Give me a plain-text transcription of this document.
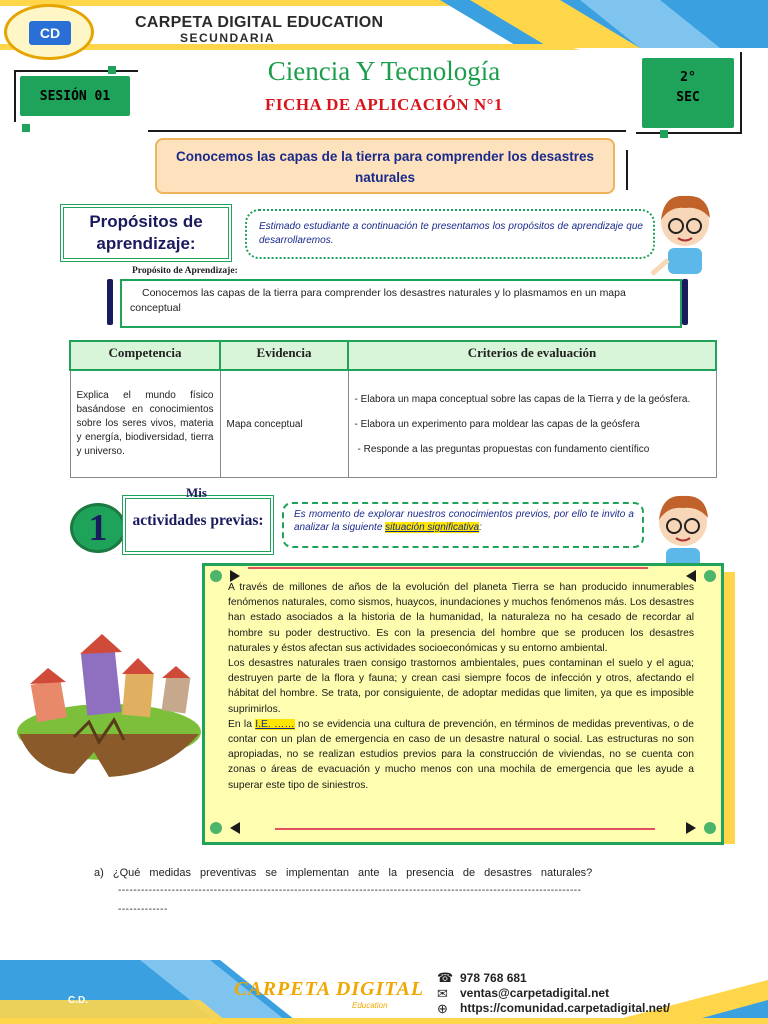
CD
CARPETA DIGITAL EDUCATION
SECUNDARIA
SESIÓN 01
2°
SEC
Ciencia Y Tecnología
FICHA DE APLICACIÓN N°1
Conocemos las capas de la tierra para comprender los desastres naturales
Propósitos de aprendizaje:
Estimado estudiante a continuación te presentamos los propósitos de aprendizaje que desarrollaremos.
Propósito de Aprendizaje:
Conocemos las capas de la tierra para comprender los desastres naturales y lo plasmamos en un mapa conceptual
Competencia	Evidencia	Criterios de evaluación
Explica el mundo físico basándose en conocimientos sobre los seres vivos, materia y energía, biodiversidad, tierra y universo.	Mapa conceptual	- Elabora un mapa conceptual sobre las capas de la Tierra y de la geósfera.
- Elabora un experimento para moldear las capas de la geósfera
- Responde a las preguntas propuestas con fundamento científico
1	actividades previas:
Mis
Es momento de explorar nuestros conocimientos previos, por ello te invito a analizar la siguiente situación significativa:

A través de millones de años de la evolución del planeta Tierra se han producido innumerables fenómenos naturales, como sismos, huaycos, inundaciones y muchos fenómenos más. Los desastres han estado asociados a la historia de la humanidad, la naturaleza no ha cesado de recordar al hombre su poder destructivo. Es con la presencia del hombre que se producen los desastres naturales y éstos afectan sus actividades socioeconómicas y su entorno ambiental.

Los desastres naturales traen consigo trastornos ambientales, pues contaminan el suelo y el agua; destruyen parte de la flora y fauna; y crean casi siempre focos de infección y otros, afectando el hábitat del hombre. Se trata, por consiguiente, de adoptar medidas que limiten, ya que es imposible suprimirlos.

En la I.E. …… no se evidencia una cultura de prevención, en términos de medidas preventivas, o de contar con un plan de emergencia en caso de un desastre natural o social. Las estructuras no son apropiadas, no se realizan estudios previos para la construcción de viviendas, no se cuenta con zonas o áreas de evacuación y mucho menos con una mochila de emergencia que les ayude a superar este tipo de siniestros.

a) ¿Qué medidas preventivas se implementan ante la presencia de desastres naturales?
-------------------------------------------------------------------------------------------------------------------------
-------------
C.D.
CARPETA DIGITAL
Education
☎ 978 768 681
✉ ventas@carpetadigital.net
⊕ https://comunidad.carpetadigital.net/
